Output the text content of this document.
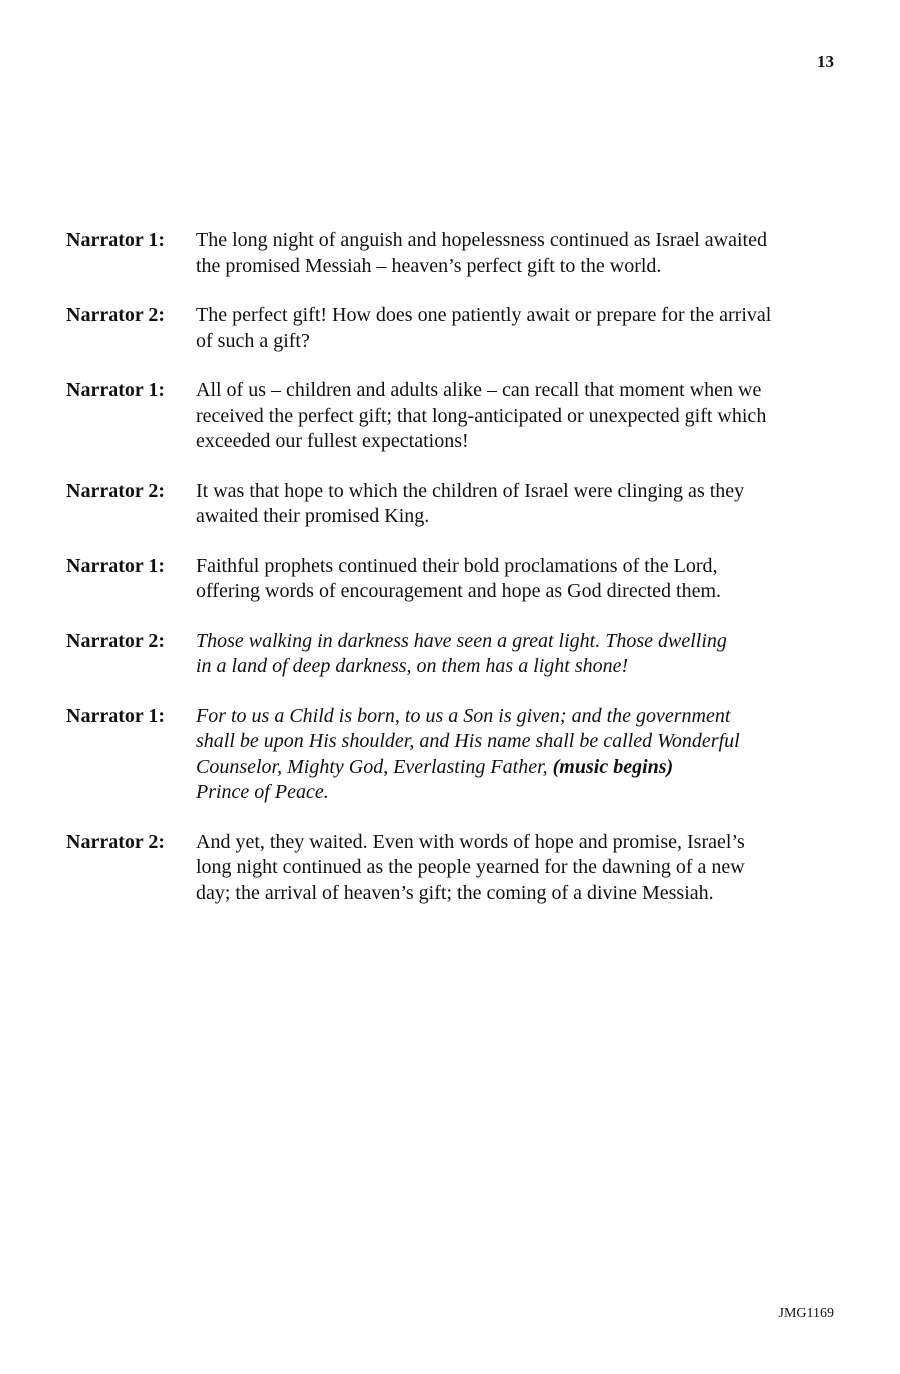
13
Narrator 1:	The long night of anguish and hopelessness continued as Israel awaited
the promised Messiah – heaven’s perfect gift to the world.
Narrator 2:	The perfect gift! How does one patiently await or prepare for the arrival
of such a gift?
Narrator 1:	All of us – children and adults alike – can recall that moment when we
received the perfect gift; that long-anticipated or unexpected gift which
exceeded our fullest expectations!
Narrator 2:	It was that hope to which the children of Israel were clinging as they
awaited their promised King.
Narrator 1:	Faithful prophets continued their bold proclamations of the Lord,
offering words of encouragement and hope as God directed them.
Narrator 2:	Those walking in darkness have seen a great light. Those dwelling
in a land of deep darkness, on them has a light shone!
Narrator 1:	For to us a Child is born, to us a Son is given; and the government
shall be upon His shoulder, and His name shall be called Wonderful
Counselor, Mighty God, Everlasting Father, (music begins)
Prince of Peace.
Narrator 2:	And yet, they waited. Even with words of hope and promise, Israel’s
long night continued as the people yearned for the dawning of a new
day; the arrival of heaven’s gift; the coming of a divine Messiah.
JMG1169
